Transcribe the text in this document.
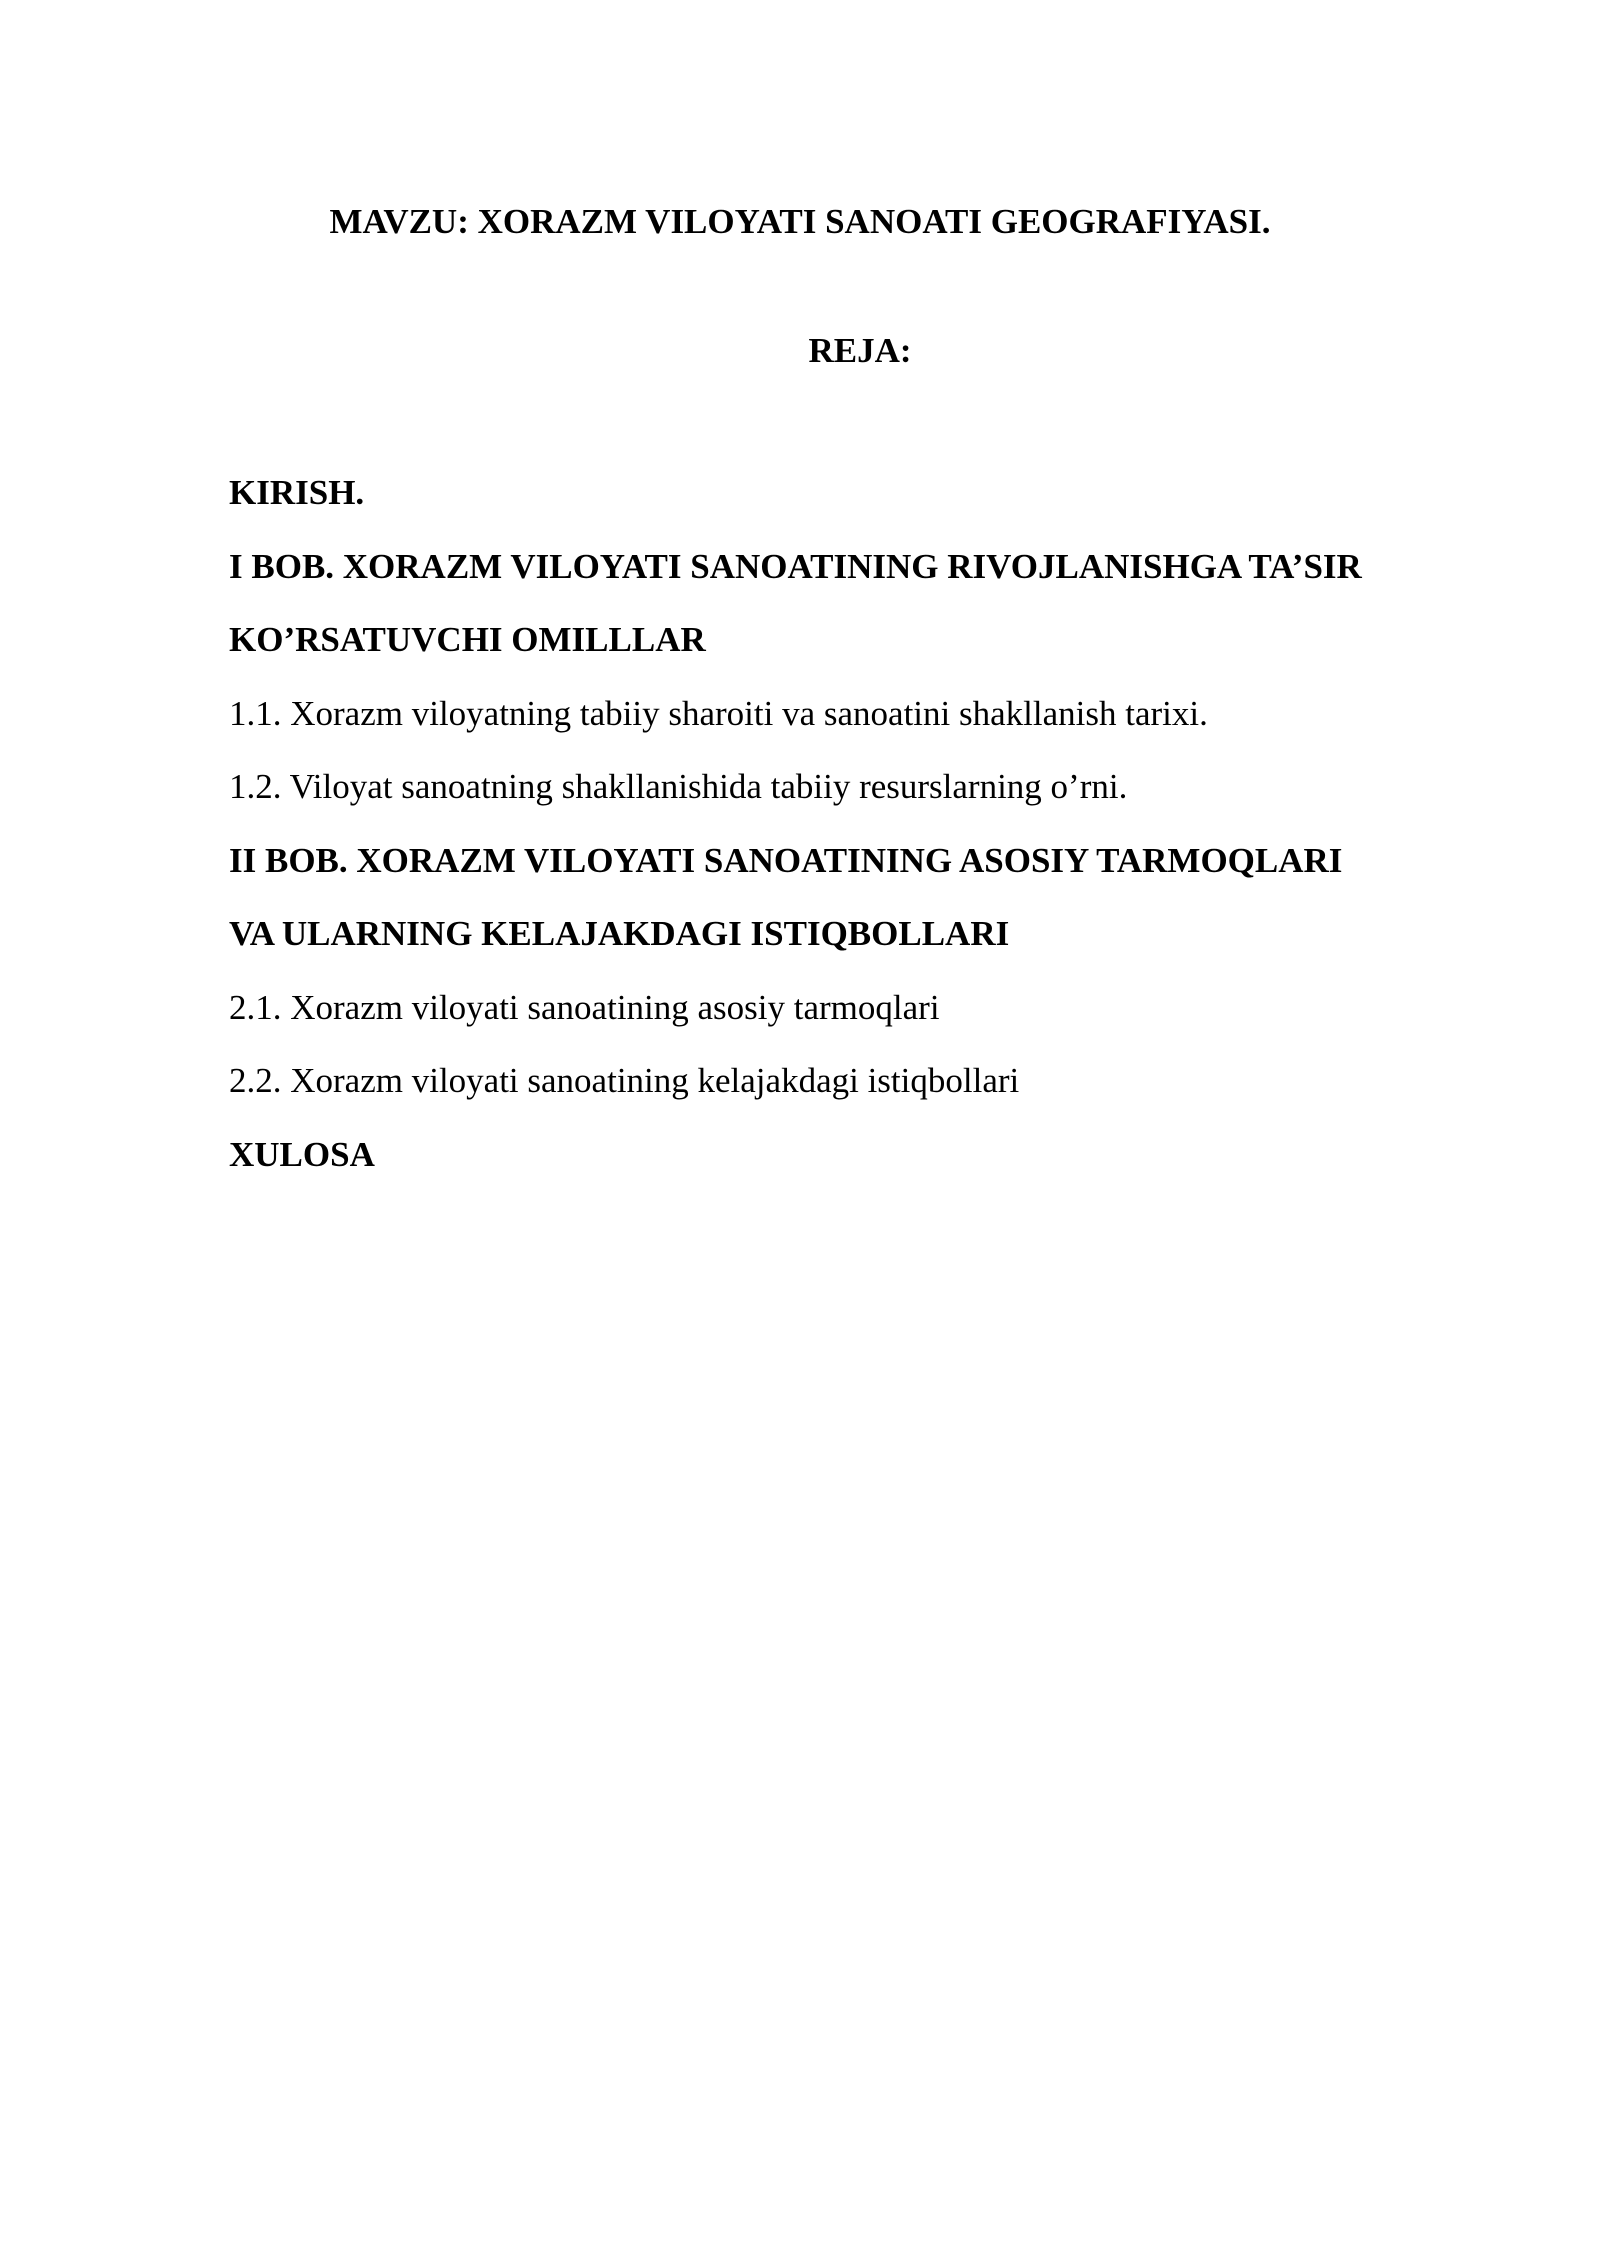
MAVZU: XORAZM VILOYATI SANOATI GEOGRAFIYASI.
REJA:
KIRISH.
I BOB. XORAZM VILOYATI SANOATINING RIVOJLANISHGA TA’SIR
KO’RSATUVCHI OMILLLAR
1.1. Xorazm viloyatning tabiiy sharoiti va sanoatini shakllanish tarixi.
1.2. Viloyat sanoatning shakllanishida tabiiy resurslarning o’rni.
II BOB. XORAZM VILOYATI SANOATINING ASOSIY TARMOQLARI
VA ULARNING KELAJAKDAGI ISTIQBOLLARI
2.1. Xorazm viloyati sanoatining asosiy tarmoqlari
2.2. Xorazm viloyati sanoatining kelajakdagi istiqbollari
XULOSA
